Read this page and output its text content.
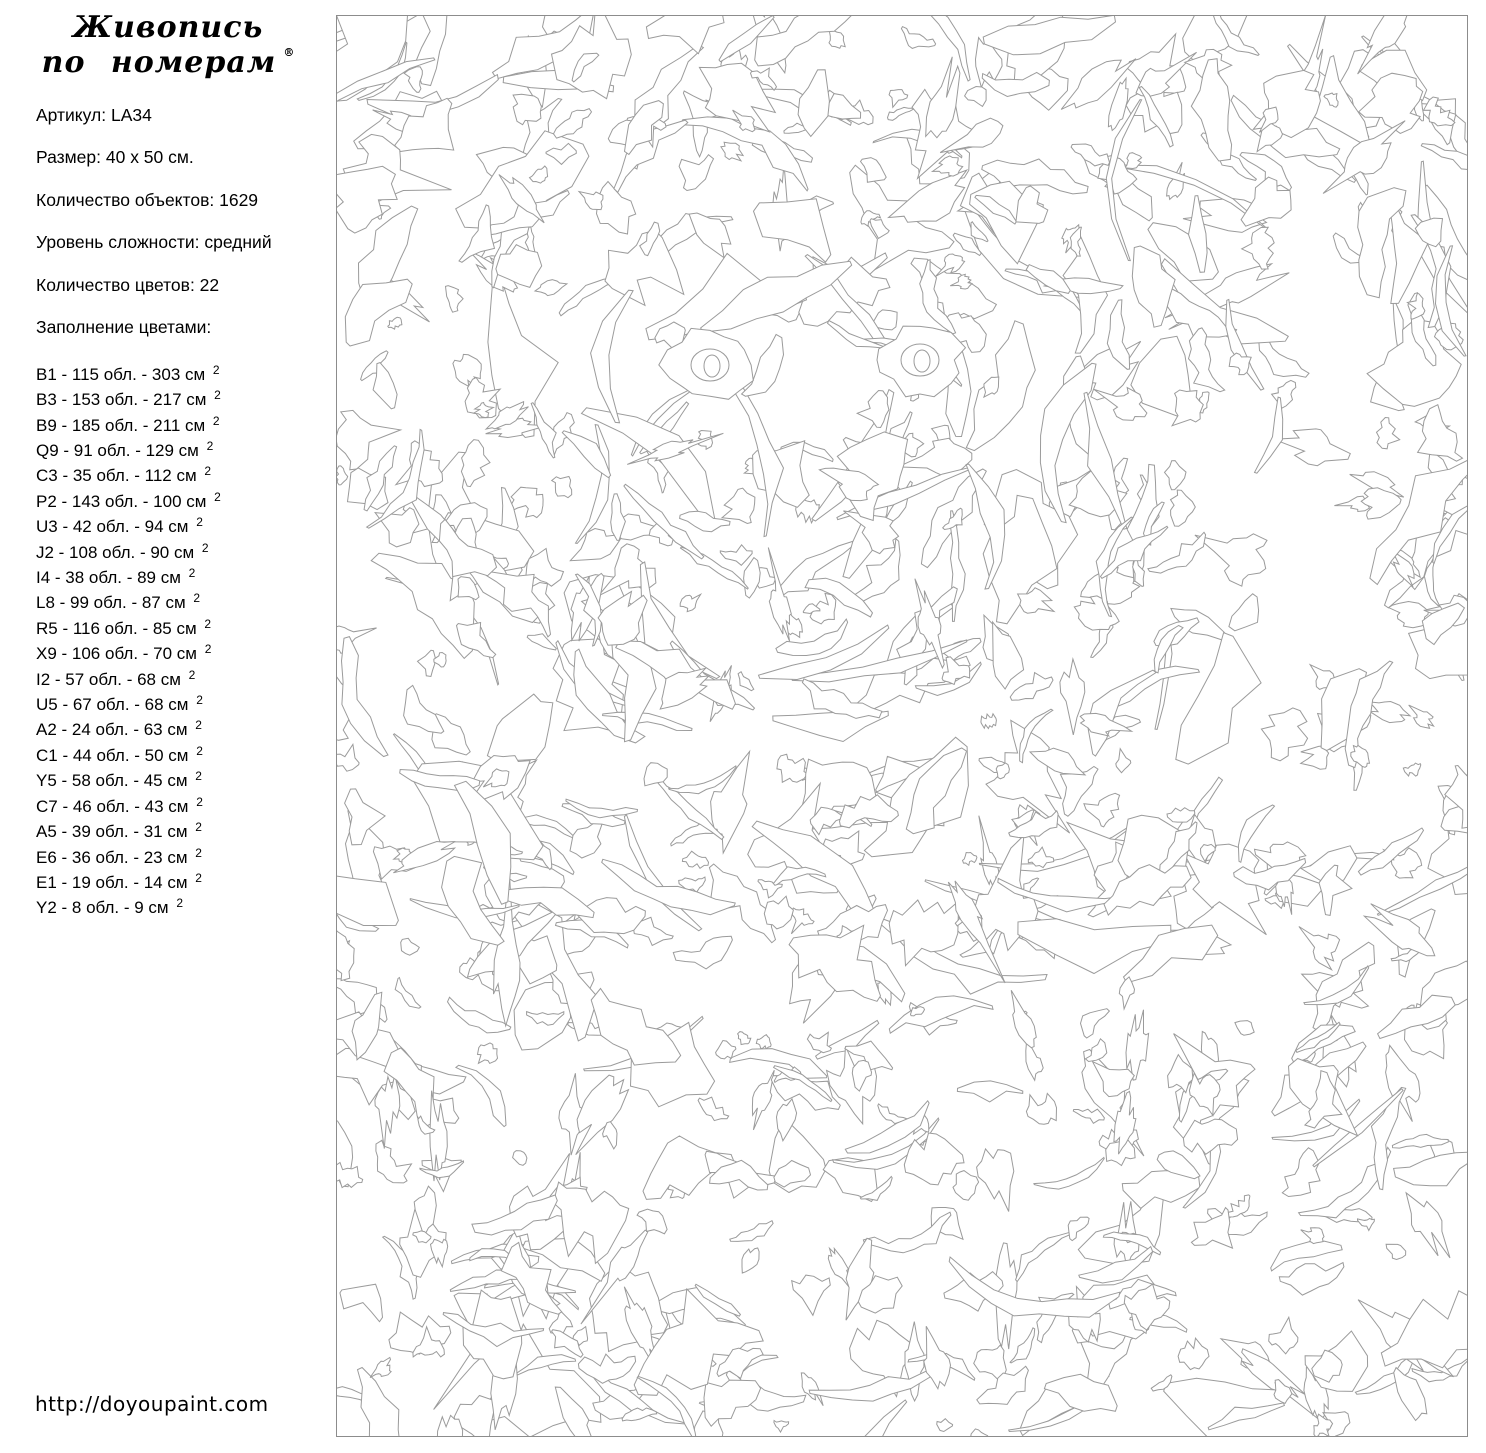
Живопись
по номерам ®

Артикул: LA34

Размер: 40 х 50 см.

Количество объектов: 1629

Уровень сложности: средний

Количество цветов: 22

Заполнение цветами:

B1 - 115 обл. - 303 см $^2$
B3 - 153 обл. - 217 см $^2$
B9 - 185 обл. - 211 см $^2$
Q9 - 91 обл. - 129 см $^2$
C3 - 35 обл. - 112 см $^2$
P2 - 143 обл. - 100 см $^2$
U3 - 42 обл. - 94 см $^2$
J2 - 108 обл. - 90 см $^2$
I4 - 38 обл. - 89 см $^2$
L8 - 99 обл. - 87 см $^2$
R5 - 116 обл. - 85 см $^2$
X9 - 106 обл. - 70 см $^2$
I2 - 57 обл. - 68 см $^2$
U5 - 67 обл. - 68 см $^2$
A2 - 24 обл. - 63 см $^2$
C1 - 44 обл. - 50 см $^2$
Y5 - 58 обл. - 45 см $^2$
C7 - 46 обл. - 43 см $^2$
A5 - 39 обл. - 31 см $^2$
E6 - 36 обл. - 23 см $^2$
E1 - 19 обл. - 14 см $^2$
Y2 - 8 обл. - 9 см $^2$
http://doyoupaint.com
